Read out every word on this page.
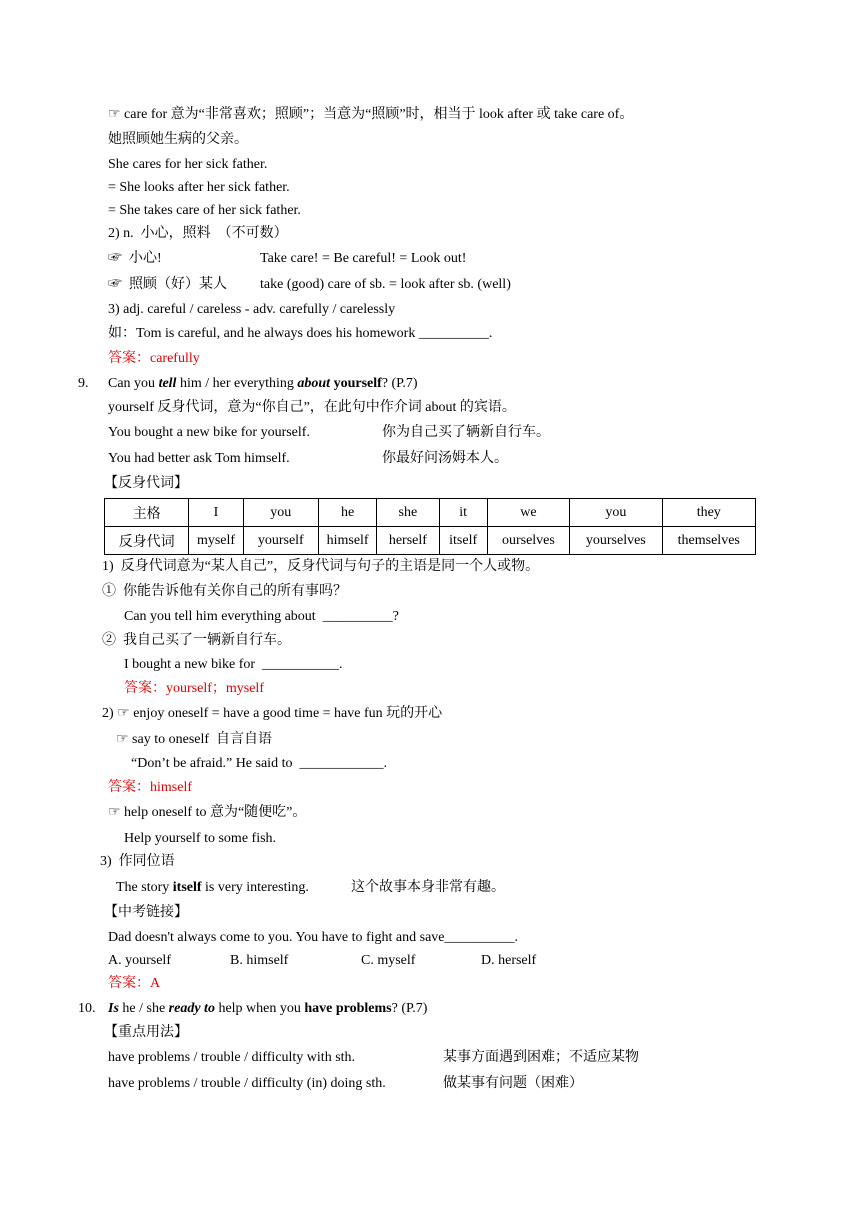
☞ care for 意为“非常喜欢；照顾”；当意为“照顾”时，相当于 look after 或 take care of。
她照顾她生病的父亲。
She cares for her sick father.
= She looks after her sick father.
= She takes care of her sick father.
2) n.  小心，照料  （不可数）
☞  小心!	Take care! = Be careful! = Look out!
☞  照顾（好）某人 take (good) care of sb. = look after sb. (well)
3) adj. careful / careless - adv. carefully / carelessly
如：Tom is careful, and he always does his homework __________.
答案：carefully
9. Can you tell him / her everything about yourself? (P.7)
yourself 反身代词，意为“你自己”，在此句中作介词 about 的宾语。
You bought a new bike for yourself.	你为自己买了辆新自行车。
You had better ask Tom himself.	你最好问汤姆本人。
【反身代词】
主格	I	you	he	she	it	we	you	they
反身代词	myself	yourself	himself	herself	itself	ourselves	yourselves	themselves
1)  反身代词意为“某人自己”，反身代词与句子的主语是同一个人或物。
①  你能告诉他有关你自己的所有事吗？
Can you tell him everything about  __________?
②  我自己买了一辆新自行车。
I bought a new bike for  ___________.
答案：yourself；myself
2) ☞ enjoy oneself = have a good time = have fun 玩的开心
☞ say to oneself  自言自语
“Don’t be afraid.” He said to  ____________.
答案：himself
☞ help oneself to 意为“随便吃”。
Help yourself to some fish.
3)  作同位语
The story itself is very interesting.	这个故事本身非常有趣。
【中考链接】
Dad doesn't always come to you. You have to fight and save__________.
A. yourself	B. himself	C. myself	D. herself
答案：A
10. Is he / she ready to help when you have problems? (P.7)
【重点用法】
have problems / trouble / difficulty with sth.	某事方面遇到困难；不适应某物
have problems / trouble / difficulty (in) doing sth.	做某事有问题（困难）
